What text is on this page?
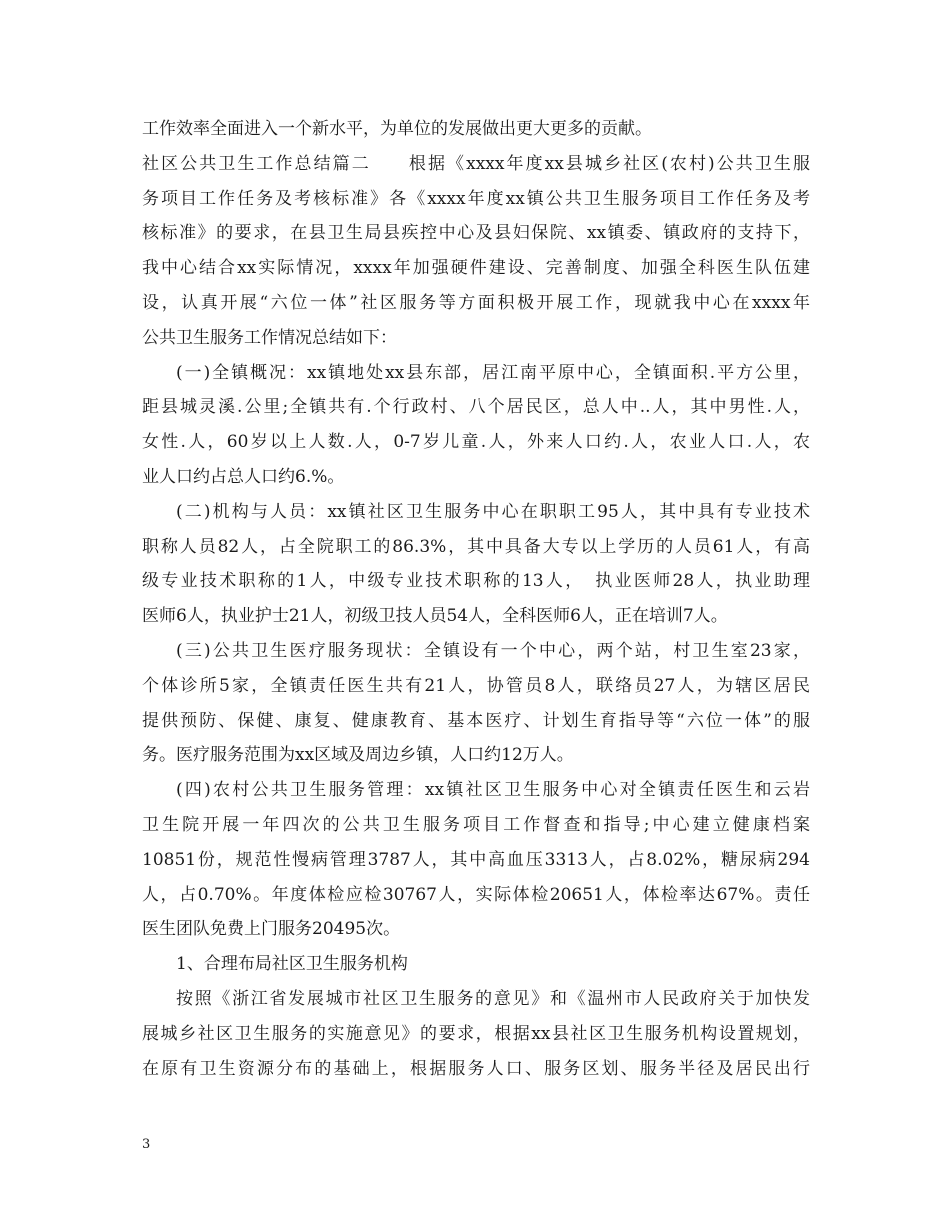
工作效率全面进入一个新水平，为单位的发展做出更大更多的贡献。
社区公共卫生工作总结篇二　　根据《xxxx年度xx县城乡社区(农村)公共卫生服
务项目工作任务及考核标准》各《xxxx年度xx镇公共卫生服务项目工作任务及考
核标准》的要求，在县卫生局县疾控中心及县妇保院、xx镇委、镇政府的支持下，
我中心结合xx实际情况，xxxx年加强硬件建设、完善制度、加强全科医生队伍建
设，认真开展“六位一体”社区服务等方面积极开展工作，现就我中心在xxxx年
公共卫生服务工作情况总结如下：
(一)全镇概况：xx镇地处xx县东部，居江南平原中心，全镇面积.平方公里，
距县城灵溪.公里;全镇共有.个行政村、八个居民区，总人中..人，其中男性.人，
女性.人，60岁以上人数.人，0-7岁儿童.人，外来人口约.人，农业人口.人，农
业人口约占总人口约6.%。
(二)机构与人员：xx镇社区卫生服务中心在职职工95人，其中具有专业技术
职称人员82人，占全院职工的86.3%，其中具备大专以上学历的人员61人，有高
级专业技术职称的1人，中级专业技术职称的13人，　执业医师28人，执业助理
医师6人，执业护士21人，初级卫技人员54人，全科医师6人，正在培训7人。
(三)公共卫生医疗服务现状：全镇设有一个中心，两个站，村卫生室23家，
个体诊所5家，全镇责任医生共有21人，协管员8人，联络员27人，为辖区居民
提供预防、保健、康复、健康教育、基本医疗、计划生育指导等“六位一体”的服
务。医疗服务范围为xx区域及周边乡镇，人口约12万人。
(四)农村公共卫生服务管理：xx镇社区卫生服务中心对全镇责任医生和云岩
卫生院开展一年四次的公共卫生服务项目工作督查和指导;中心建立健康档案
10851份，规范性慢病管理3787人，其中高血压3313人，占8.02%，糖尿病294
人，占0.70%。年度体检应检30767人，实际体检20651人，体检率达67%。责任
医生团队免费上门服务20495次。
1、合理布局社区卫生服务机构
按照《浙江省发展城市社区卫生服务的意见》和《温州市人民政府关于加快发
展城乡社区卫生服务的实施意见》的要求，根据xx县社区卫生服务机构设置规划，
在原有卫生资源分布的基础上，根据服务人口、服务区划、服务半径及居民出行
3
